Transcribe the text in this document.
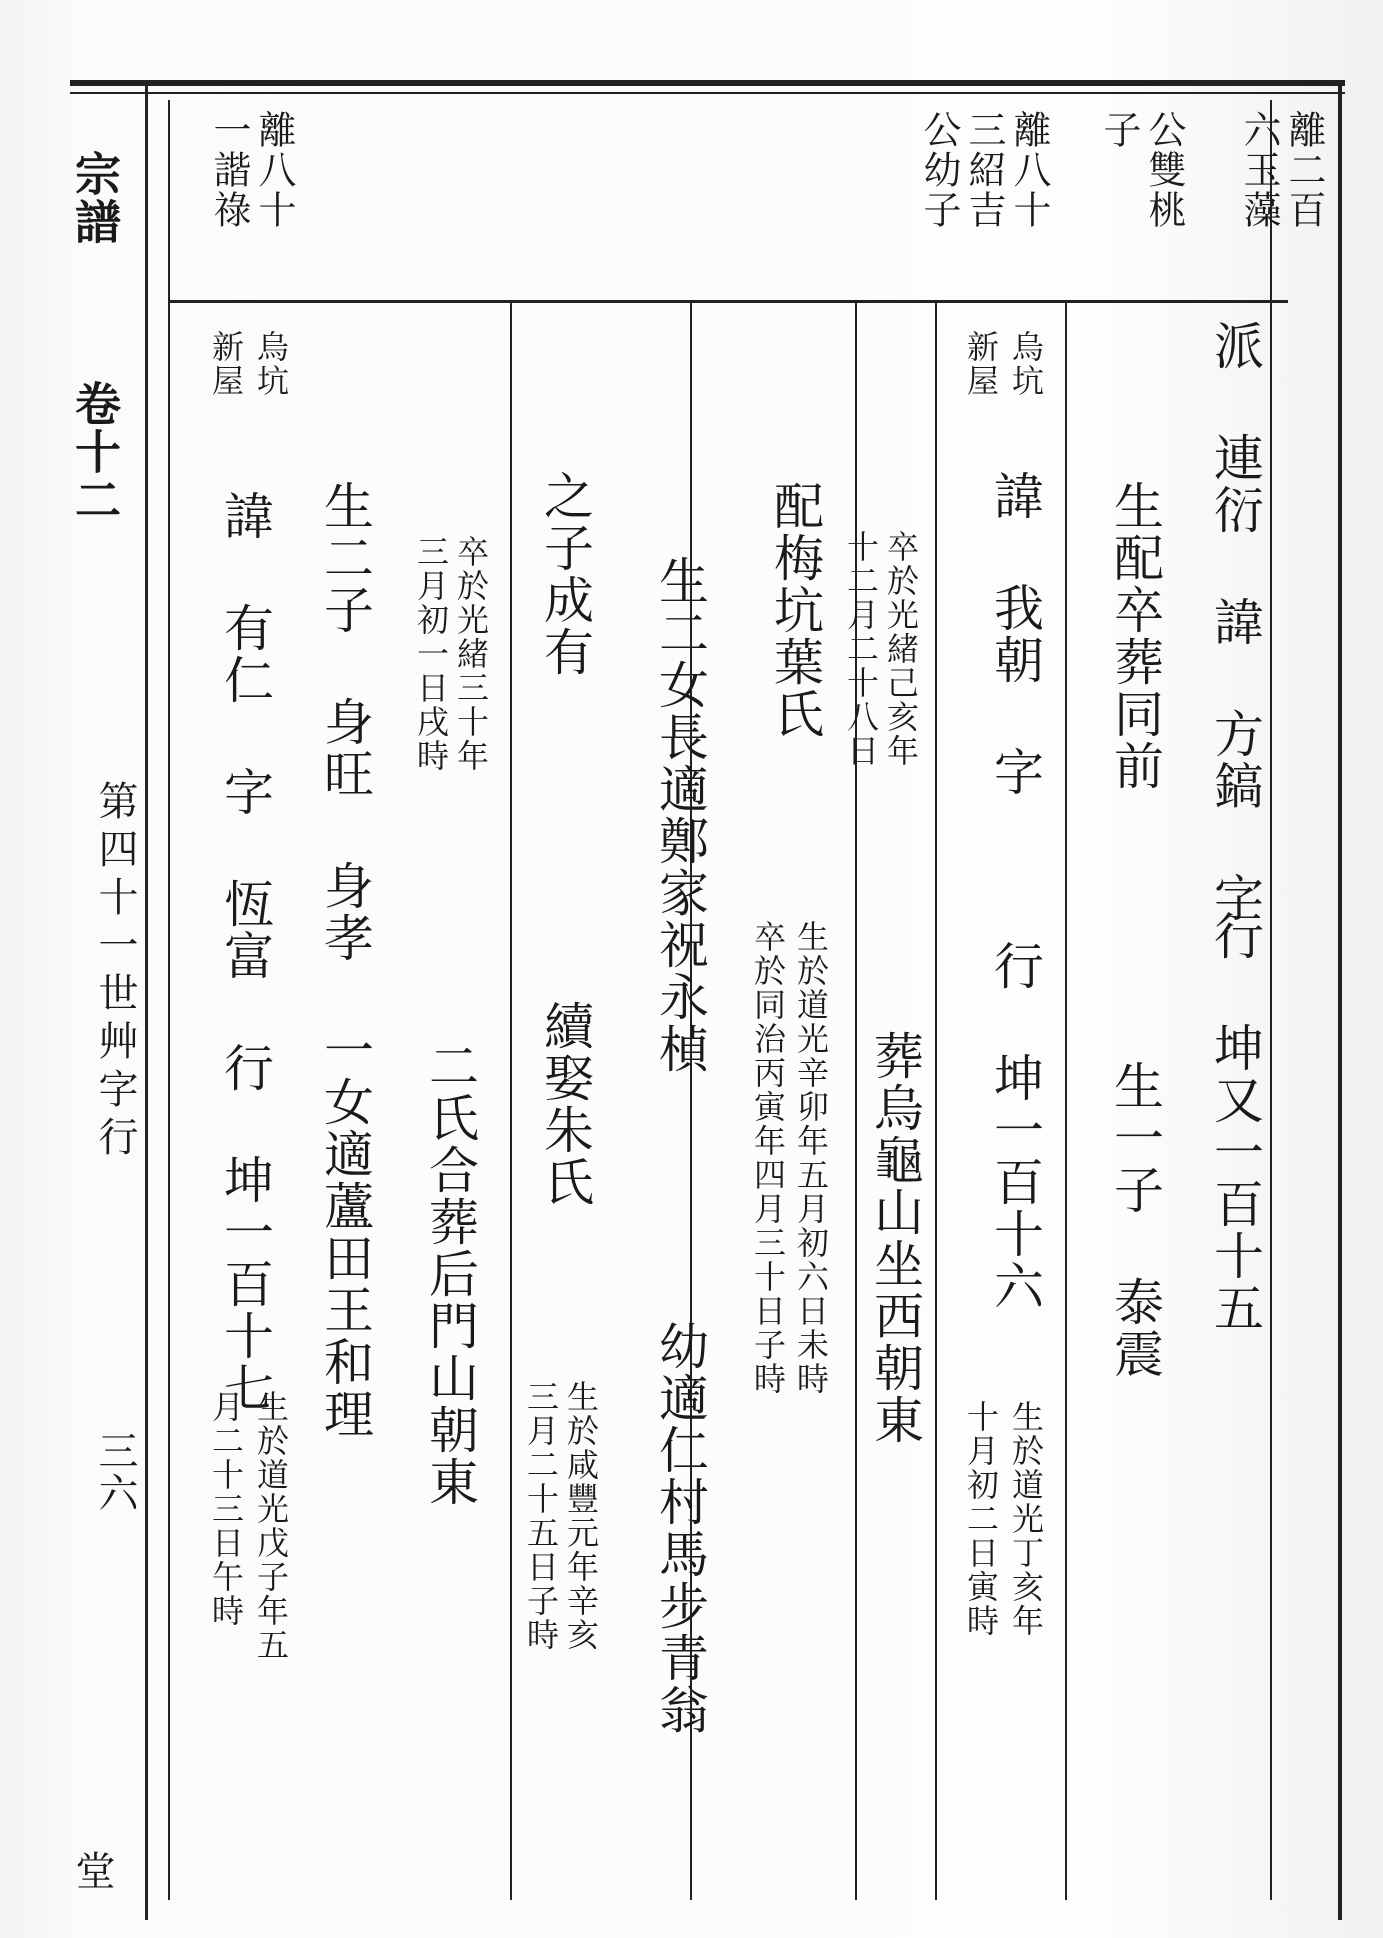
宗譜
卷十二
第四十一世艸字行
三六
堂
離二百
六玉藻
公雙桃
子
離八十
三紹吉
公幼子
離八十
一諧祿
派 連衍 諱 方鎬 字
行 坤又一百十五
生配卒葬同前
生一子 泰震
烏坑
新屋
諱 我朝 字
行 坤一百十六
生於道光丁亥年
十月初二日寅時
卒於光緒己亥年
十二月二十八日
葬烏龜山坐西朝東
配梅坑葉氏
生於道光辛卯年五月初六日未時
卒於同治丙寅年四月三十日子時
生二女長適鄭家祝永楨
幼適仁村馬步青翁
之子成有
續娶朱氏
生於咸豐元年辛亥
三月二十五日子時
卒於光緒三十年
三月初一日戌時
二氏合葬后門山朝東
烏坑
新屋
諱 有仁 字 恆富 行 坤一百十七
生於道光戊子年五
月二十三日午時
生二子 身旺 身孝 一女適蘆田王和理
